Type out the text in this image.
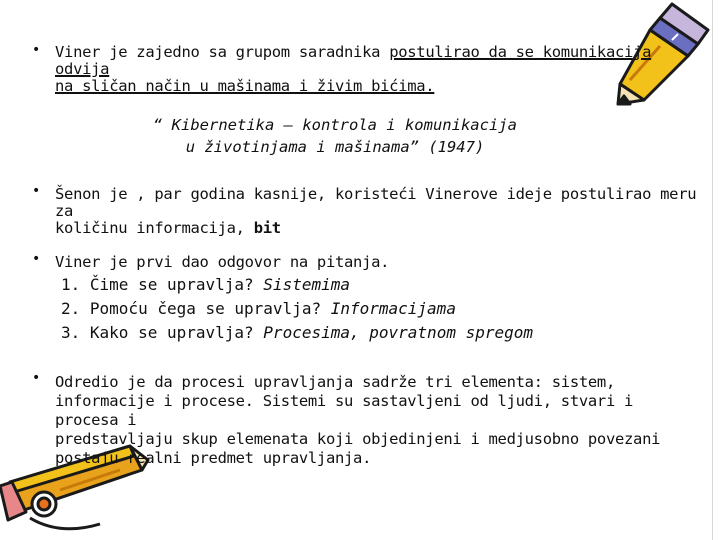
• Viner je zajedno sa grupom saradnika postulirao da se komunikacija odvija
na sličan način u mašinama i živim bićima.
“ Kibernetika – kontrola i komunikacija
u životinjama i mašinama” (1947)
• Šenon je , par godina kasnije, koristeći Vinerove ideje postulirao meru za
količinu informacija, bit
• Viner je prvi dao odgovor na pitanja.
1. Čime se upravlja? Sistemima
2. Pomoću čega se upravlja? Informacijama
3. Kako se upravlja? Procesima, povratnom spregom
• Odredio je da procesi upravljanja sadrže tri elementa: sistem,
informacije i procese. Sistemi su sastavljeni od ljudi, stvari i procesa i
predstavljaju skup elemenata koji objedinjeni i medjusobno povezani
postaju realni predmet upravljanja.
